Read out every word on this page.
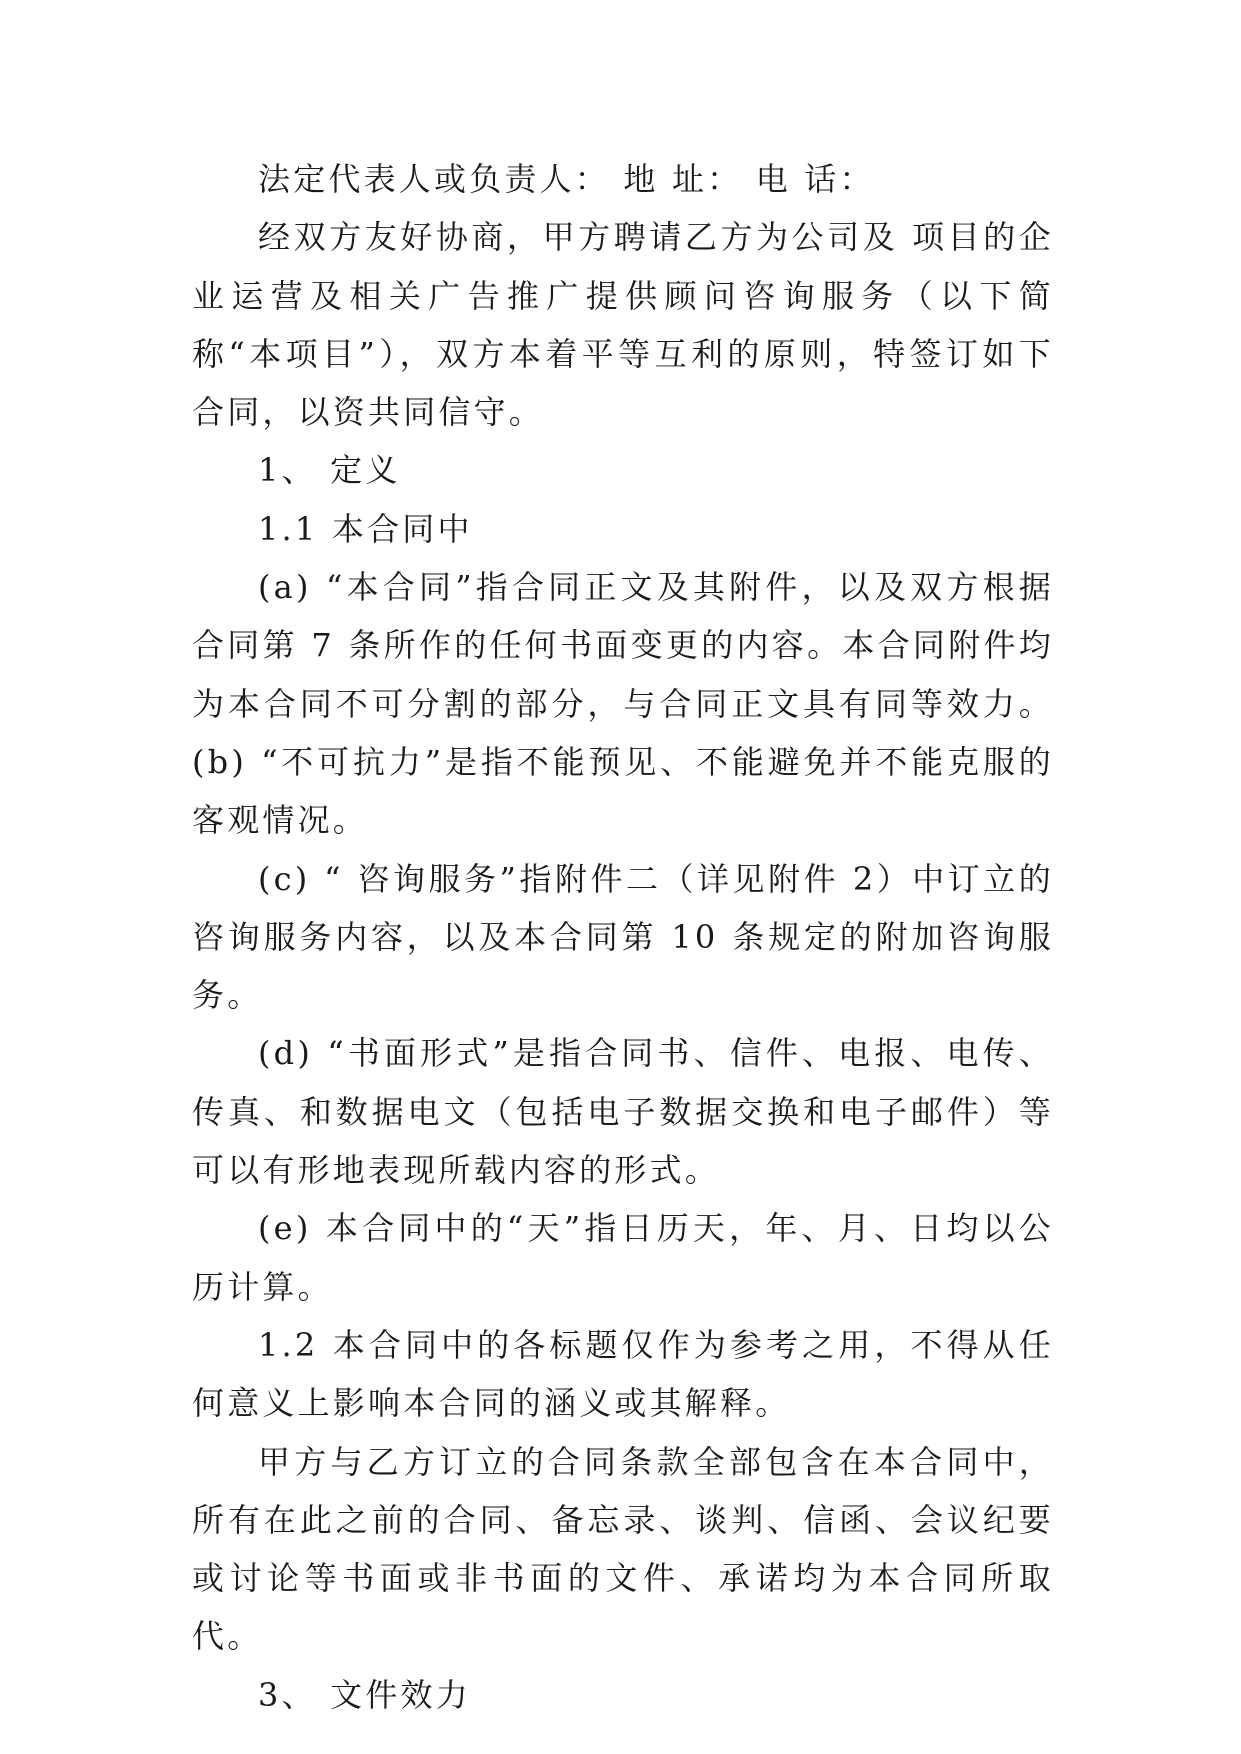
法定代表人或负责人： 地 址： 电 话：

经双方友好协商，甲方聘请乙方为公司及 项目的企业运营及相关广告推广提供顾问咨询服务（以下简称“本项目”），双方本着平等互利的原则，特签订如下合同，以资共同信守。

1、 定义

1.1 本合同中

(a) “本合同”指合同正文及其附件，以及双方根据合同第 7 条所作的任何书面变更的内容。本合同附件均为本合同不可分割的部分，与合同正文具有同等效力。 (b) “不可抗力”是指不能预见、不能避免并不能克服的客观情况。

(c) “ 咨询服务”指附件二（详见附件 2）中订立的咨询服务内容，以及本合同第 10 条规定的附加咨询服务。

(d) “书面形式”是指合同书、信件、电报、电传、传真、和数据电文（包括电子数据交换和电子邮件）等可以有形地表现所载内容的形式。

(e) 本合同中的“天”指日历天，年、月、日均以公历计算。

1.2 本合同中的各标题仅作为参考之用，不得从任何意义上影响本合同的涵义或其解释。

甲方与乙方订立的合同条款全部包含在本合同中，所有在此之前的合同、备忘录、谈判、信函、会议纪要或讨论等书面或非书面的文件、承诺均为本合同所取代。

3、 文件效力
